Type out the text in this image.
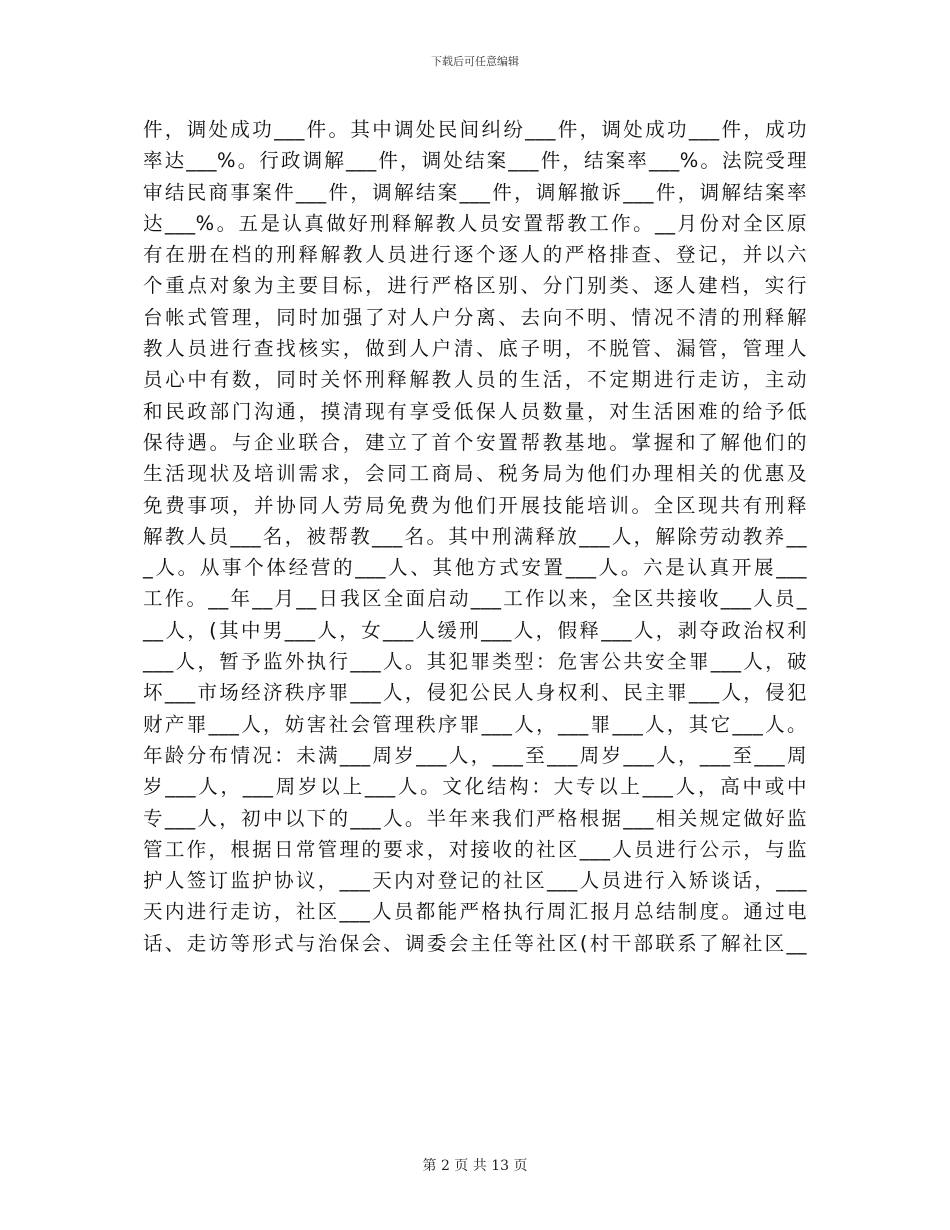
下载后可任意编辑
件，调处成功___件。其中调处民间纠纷___件，调处成功___件，成功
率达___%。行政调解___件，调处结案___件，结案率___%。法院受理
审结民商事案件___件，调解结案___件，调解撤诉___件，调解结案率
达___%。五是认真做好刑释解教人员安置帮教工作。__月份对全区原
有在册在档的刑释解教人员进行逐个逐人的严格排查、登记，并以六
个重点对象为主要目标，进行严格区别、分门别类、逐人建档，实行
台帐式管理，同时加强了对人户分离、去向不明、情况不清的刑释解
教人员进行查找核实，做到人户清、底子明，不脱管、漏管，管理人
员心中有数，同时关怀刑释解教人员的生活，不定期进行走访，主动
和民政部门沟通，摸清现有享受低保人员数量，对生活困难的给予低
保待遇。与企业联合，建立了首个安置帮教基地。掌握和了解他们的
生活现状及培训需求，会同工商局、税务局为他们办理相关的优惠及
免费事项，并协同人劳局免费为他们开展技能培训。全区现共有刑释
解教人员___名，被帮教___名。其中刑满释放___人，解除劳动教养__
_人。从事个体经营的___人、其他方式安置___人。六是认真开展___
工作。__年__月__日我区全面启动___工作以来，全区共接收___人员_
__人，(其中男___人，女___人缓刑___人，假释___人，剥夺政治权利
___人，暂予监外执行___人。其犯罪类型：危害公共安全罪___人，破
坏___市场经济秩序罪___人，侵犯公民人身权利、民主罪___人，侵犯
财产罪___人，妨害社会管理秩序罪___人，___罪___人，其它___人。
年龄分布情况：未满___周岁___人，___至___周岁___人，___至___周
岁___人，___周岁以上___人。文化结构：大专以上___人，高中或中
专___人，初中以下的___人。半年来我们严格根据___相关规定做好监
管工作，根据日常管理的要求，对接收的社区___人员进行公示，与监
护人签订监护协议，___天内对登记的社区___人员进行入矫谈话，___
天内进行走访，社区___人员都能严格执行周汇报月总结制度。通过电
话、走访等形式与治保会、调委会主任等社区(村干部联系了解社区__
第 2 页 共 13 页
